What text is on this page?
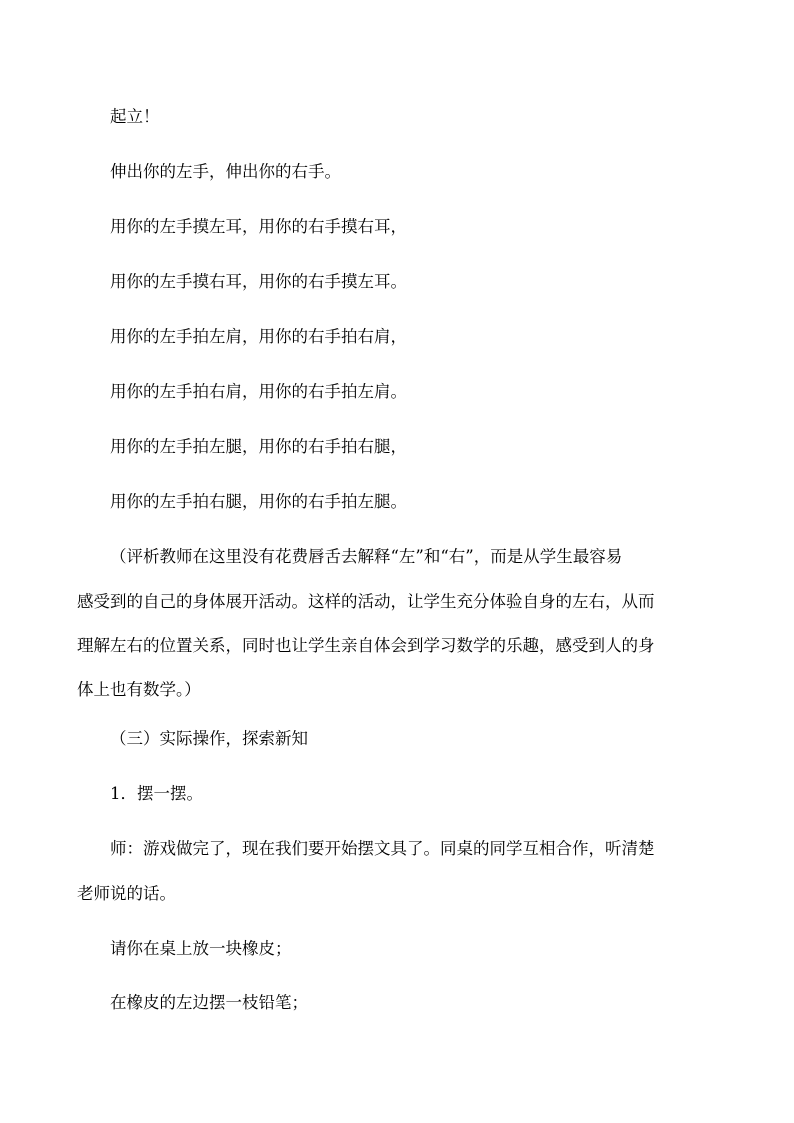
起立！
伸出你的左手，伸出你的右手。
用你的左手摸左耳，用你的右手摸右耳，
用你的左手摸右耳，用你的右手摸左耳。
用你的左手拍左肩，用你的右手拍右肩，
用你的左手拍右肩，用你的右手拍左肩。
用你的左手拍左腿，用你的右手拍右腿，
用你的左手拍右腿，用你的右手拍左腿。
（评析教师在这里没有花费唇舌去解释“左”和“右”，而是从学生最容易
感受到的自己的身体展开活动。这样的活动，让学生充分体验自身的左右，从而
理解左右的位置关系，同时也让学生亲自体会到学习数学的乐趣，感受到人的身
体上也有数学。）
（三）实际操作，探索新知
1．摆一摆。
师：游戏做完了，现在我们要开始摆文具了。同桌的同学互相合作，听清楚
老师说的话。
请你在桌上放一块橡皮；
在橡皮的左边摆一枝铅笔；
